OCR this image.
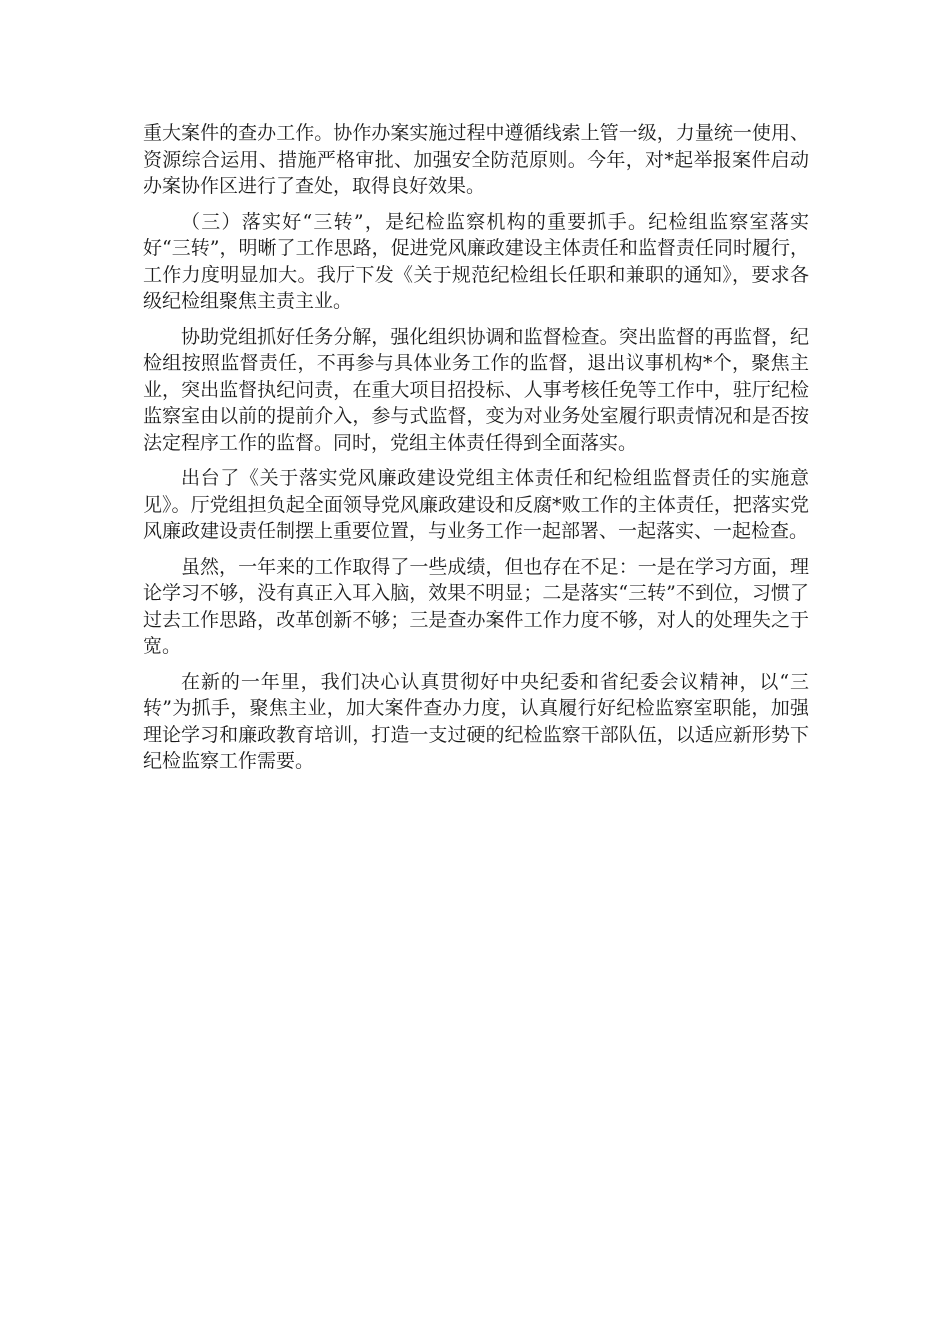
重大案件的查办工作。协作办案实施过程中遵循线索上管一级，力量统一使用、资源综合运用、措施严格审批、加强安全防范原则。今年，对*起举报案件启动办案协作区进行了查处，取得良好效果。

（三）落实好“三转”，是纪检监察机构的重要抓手。纪检组监察室落实好“三转”，明晰了工作思路，促进党风廉政建设主体责任和监督责任同时履行，工作力度明显加大。我厅下发《关于规范纪检组长任职和兼职的通知》，要求各级纪检组聚焦主责主业。

协助党组抓好任务分解，强化组织协调和监督检查。突出监督的再监督，纪检组按照监督责任，不再参与具体业务工作的监督，退出议事机构*个，聚焦主业，突出监督执纪问责，在重大项目招投标、人事考核任免等工作中，驻厅纪检监察室由以前的提前介入，参与式监督，变为对业务处室履行职责情况和是否按法定程序工作的监督。同时，党组主体责任得到全面落实。

出台了《关于落实党风廉政建设党组主体责任和纪检组监督责任的实施意见》。厅党组担负起全面领导党风廉政建设和反腐*败工作的主体责任，把落实党风廉政建设责任制摆上重要位置，与业务工作一起部署、一起落实、一起检查。

虽然，一年来的工作取得了一些成绩，但也存在不足：一是在学习方面，理论学习不够，没有真正入耳入脑，效果不明显；二是落实“三转”不到位，习惯了过去工作思路，改革创新不够；三是查办案件工作力度不够，对人的处理失之于宽。

在新的一年里，我们决心认真贯彻好中央纪委和省纪委会议精神，以“三转”为抓手，聚焦主业，加大案件查办力度，认真履行好纪检监察室职能，加强理论学习和廉政教育培训，打造一支过硬的纪检监察干部队伍，以适应新形势下纪检监察工作需要。
